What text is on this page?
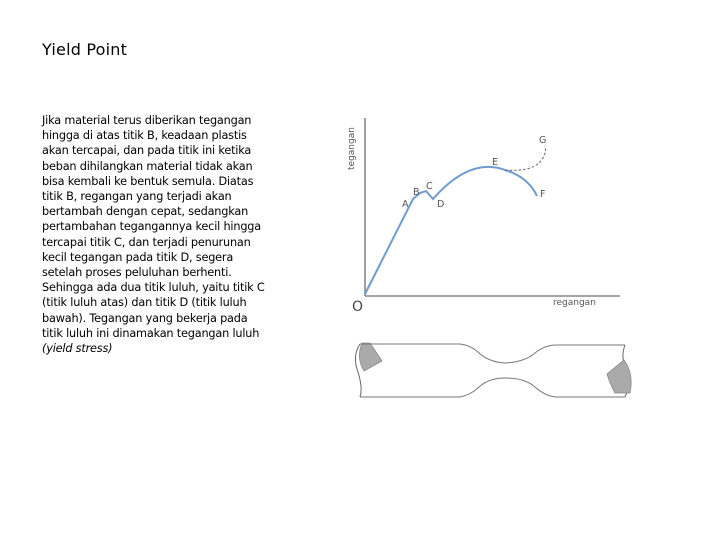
Yield Point
Jika material terus diberikan tegangan hingga di atas titik B, keadaan plastis akan tercapai, dan pada titik ini ketika beban dihilangkan material tidak akan bisa kembali ke bentuk semula. Diatas titik B, regangan yang terjadi akan bertambah dengan cepat, sedangkan pertambahan tegangannya kecil hingga tercapai titik C, dan terjadi penurunan kecil tegangan pada titik D, segera setelah proses peluluhan berhenti. Sehingga ada dua titik luluh, yaitu titik C (titik luluh atas) dan titik D (titik luluh bawah). Tegangan yang bekerja pada titik luluh ini dinamakan tegangan luluh (yield stress)
tegangan
regangan
O
A
B
C
D
E
F
G
